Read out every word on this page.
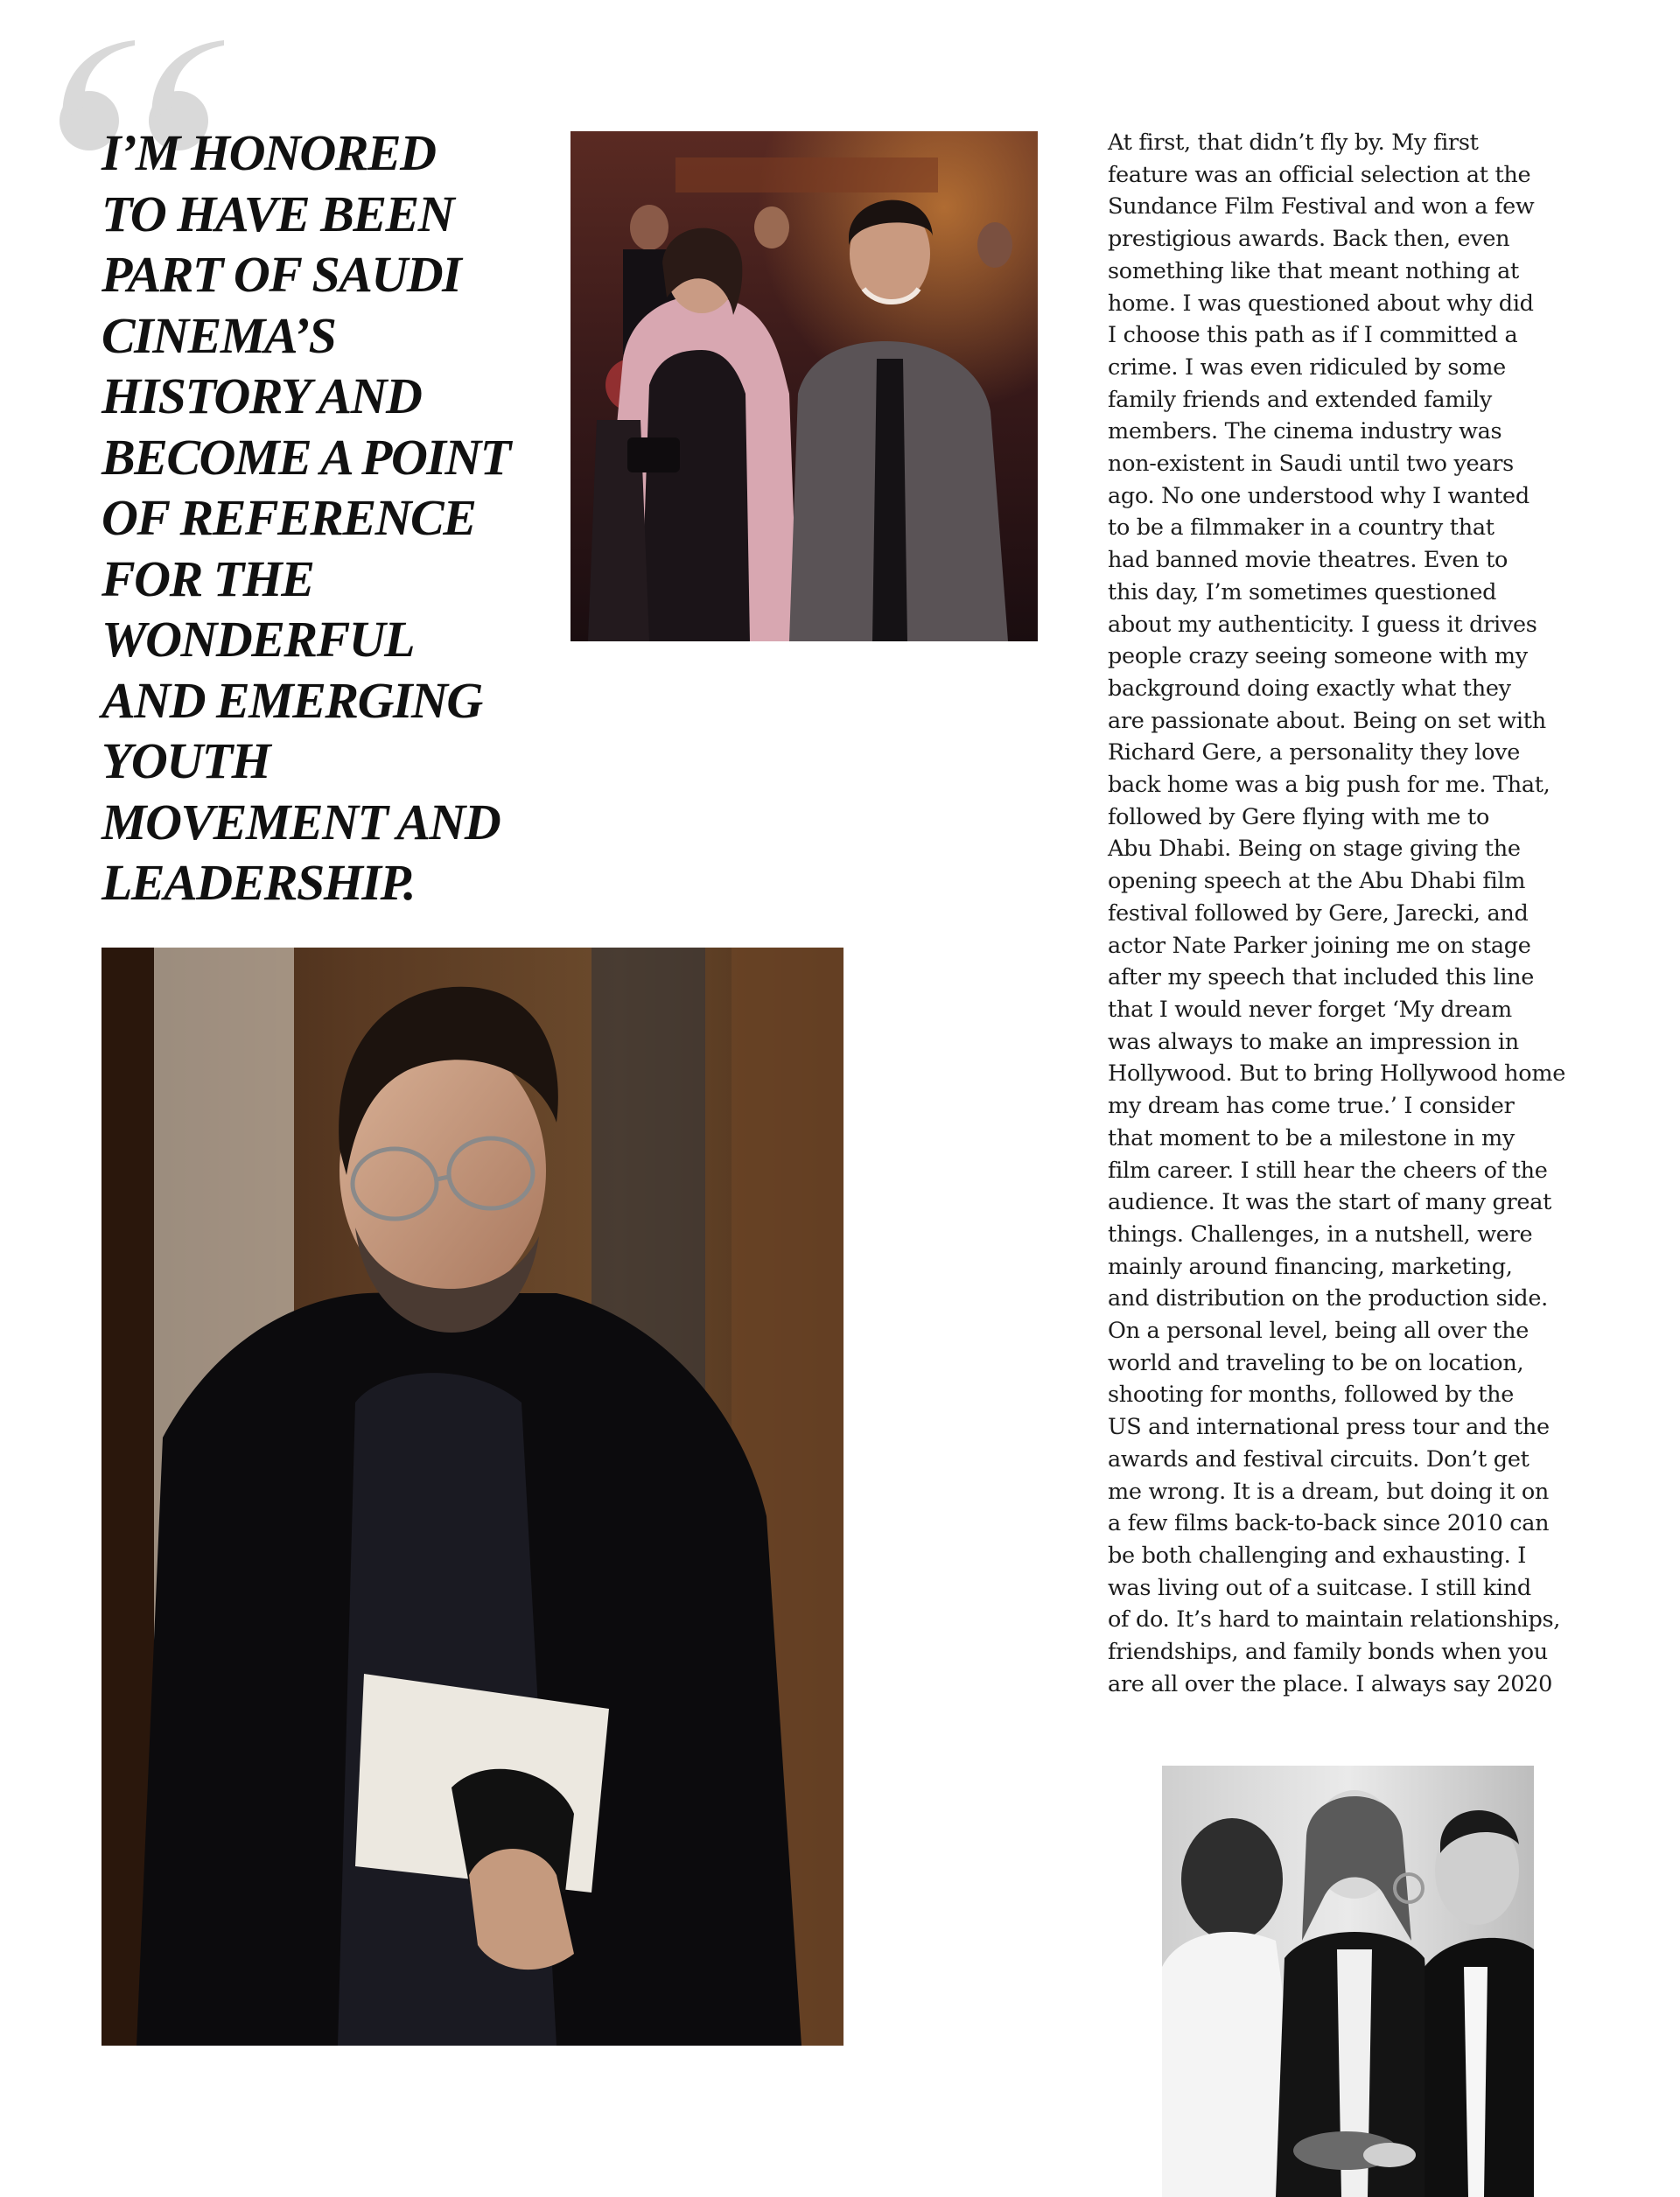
I’M HONORED
TO HAVE BEEN
PART OF SAUDI
CINEMA’S
HISTORY AND
BECOME A POINT
OF REFERENCE
FOR THE
WONDERFUL
AND EMERGING
YOUTH
MOVEMENT AND
LEADERSHIP.
At first, that didn’t fly by. My first
feature was an official selection at the
Sundance Film Festival and won a few
prestigious awards. Back then, even
something like that meant nothing at
home. I was questioned about why did
I choose this path as if I committed a
crime. I was even ridiculed by some
family friends and extended family
members. The cinema industry was
non-existent in Saudi until two years
ago. No one understood why I wanted
to be a filmmaker in a country that
had banned movie theatres. Even to
this day, I’m sometimes questioned
about my authenticity. I guess it drives
people crazy seeing someone with my
background doing exactly what they
are passionate about. Being on set with
Richard Gere, a personality they love
back home was a big push for me. That,
followed by Gere flying with me to
Abu Dhabi. Being on stage giving the
opening speech at the Abu Dhabi film
festival followed by Gere, Jarecki, and
actor Nate Parker joining me on stage
after my speech that included this line
that I would never forget ‘My dream
was always to make an impression in
Hollywood. But to bring Hollywood home
my dream has come true.’ I consider
that moment to be a milestone in my
film career. I still hear the cheers of the
audience. It was the start of many great
things. Challenges, in a nutshell, were
mainly around financing, marketing,
and distribution on the production side.
On a personal level, being all over the
world and traveling to be on location,
shooting for months, followed by the
US and international press tour and the
awards and festival circuits. Don’t get
me wrong. It is a dream, but doing it on
a few films back-to-back since 2010 can
be both challenging and exhausting. I
was living out of a suitcase. I still kind
of do. It’s hard to maintain relationships,
friendships, and family bonds when you
are all over the place. I always say 2020
